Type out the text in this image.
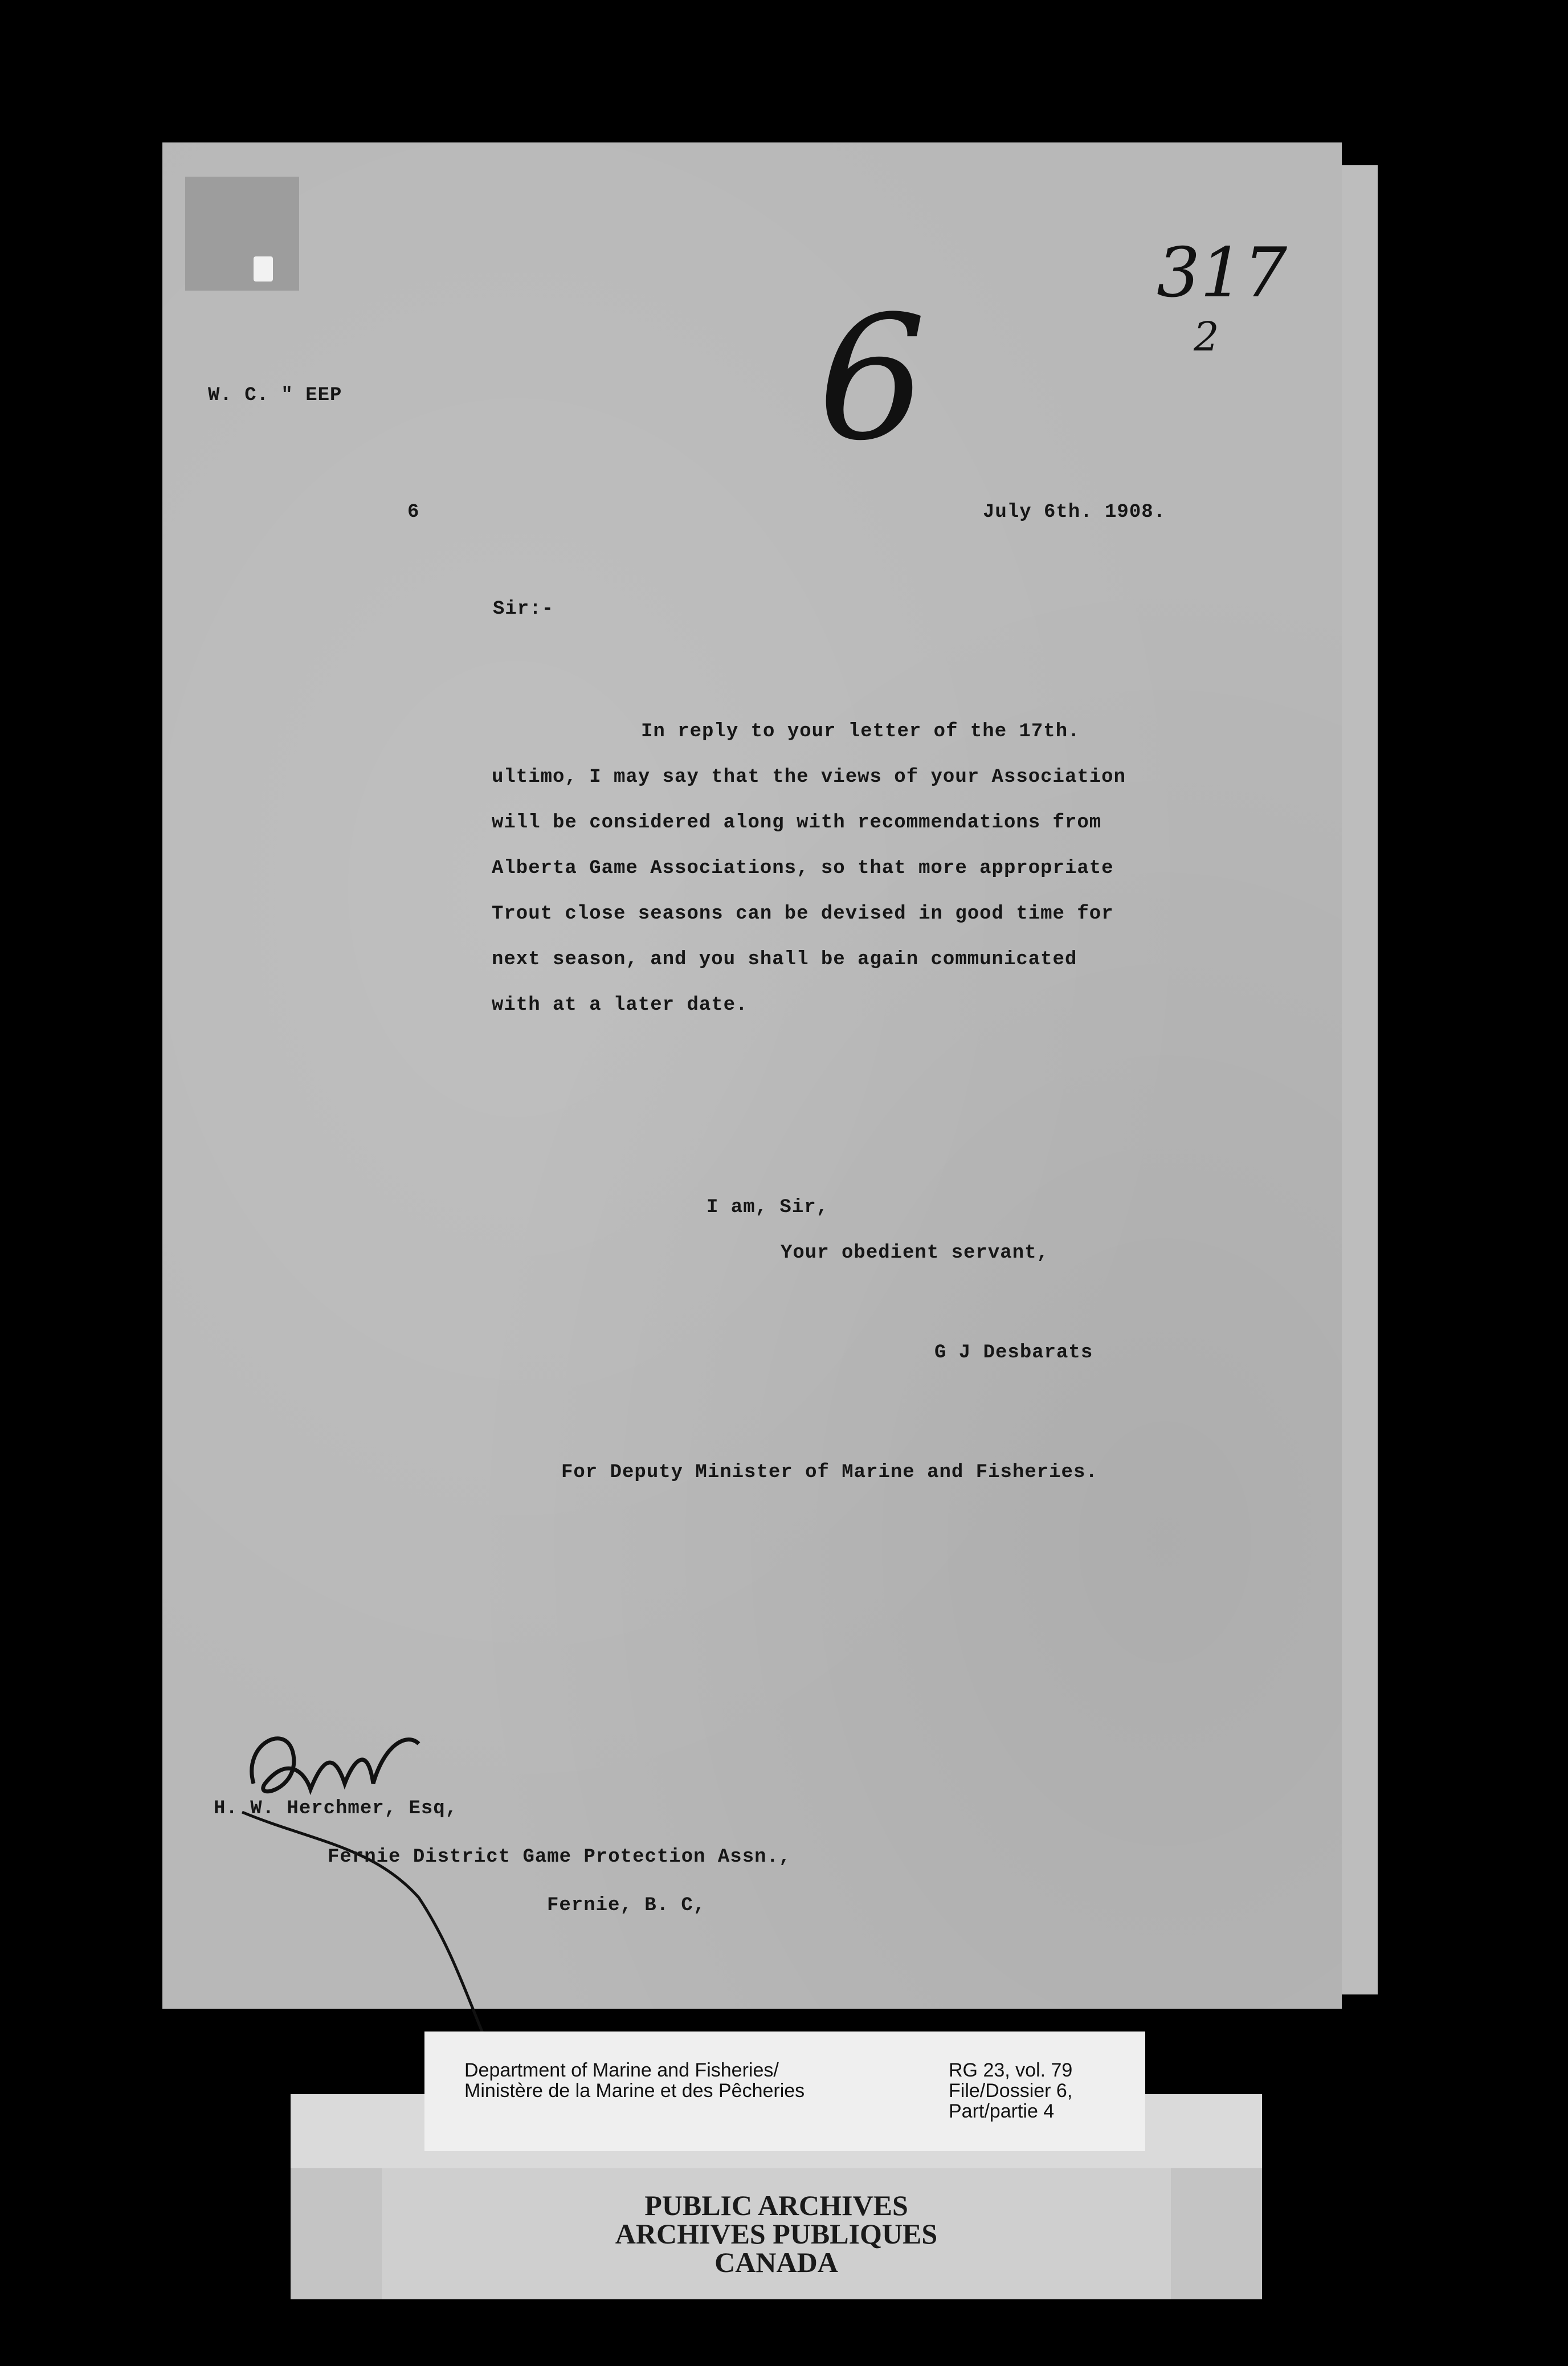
317
2
6
W. C. " EEP
6	July 6th. 1908.
Sir:-
In reply to your letter of the 17th.
ultimo, I may say that the views of your Association
will be considered along with recommendations from
Alberta Game Associations, so that more appropriate
Trout close seasons can be devised in good time for
next season, and you shall be again communicated
with at a later date.
I am, Sir,
Your obedient servant,
G J Desbarats
For Deputy Minister of Marine and Fisheries.
H. W. Herchmer, Esq,
Fernie District Game Protection Assn.,
Fernie, B. C,
PUBLIC ARCHIVES
ARCHIVES PUBLIQUES
CANADA
Department of Marine and Fisheries/
Ministère de la Marine et des Pêcheries
RG 23, vol. 79
File/Dossier 6,
Part/partie 4
